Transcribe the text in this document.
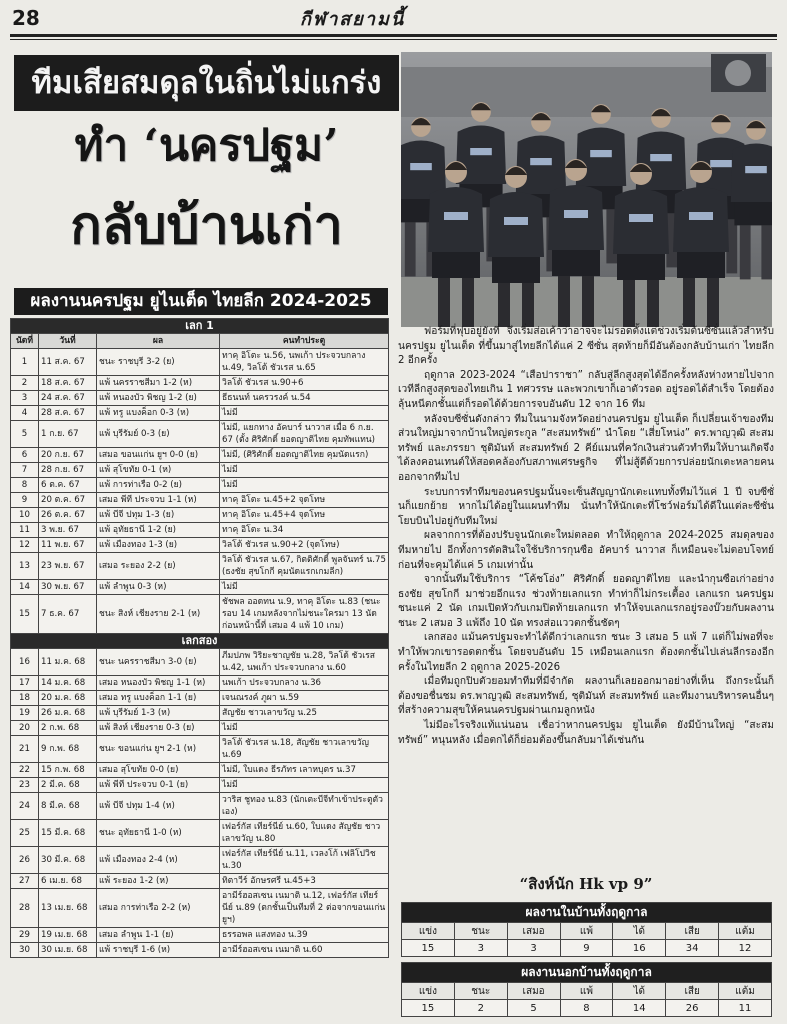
28	กีฬาสยามนี้
ทีมเสียสมดุลในถิ่นไม่แกร่ง
ทำ ‘นครปฐม’
กลับบ้านเก่า
ผลงานนครปฐม ยูไนเต็ด ไทยลีก 2024-2025
เลก 1			
นัดที่	วันที่	ผล	คนทำประตู
1	11 ส.ค. 67	ชนะ ราชบุรี 3-2 (ย)	ทาคุ อิโตะ น.56, นพเก้า ประจวบกลาง น.49, วิลโด้ ชัวเรส น.65
2	18 ส.ค. 67	แพ้ นครราชสีมา 1-2 (ห)	วิลโด้ ชัวเรส น.90+6
3	24 ส.ค. 67	แพ้ หนองบัว พิชญ 1-2 (ย)	ธีธนนท์ นครวรงค์ น.54
4	28 ส.ค. 67	แพ้ ทรู แบงค็อก 0-3 (ห)	ไม่มี
5	1 ก.ย. 67	แพ้ บุรีรัมย์ 0-3 (ย)	ไม่มี, แยกทาง อัคบาร์ นาวาส เมื่อ 6 ก.ย. 67 (ตั้ง ศิริศักดิ์ ยอดญาติไทย คุมทัพแทน)
6	20 ก.ย. 67	เสมอ ขอนแก่น ยูฯ 0-0 (ย)	ไม่มี, (ศิริศักดิ์ ยอดญาติไทย คุมนัดแรก)
7	28 ก.ย. 67	แพ้ สุโขทัย 0-1 (ห)	ไม่มี
8	6 ต.ค. 67	แพ้ การท่าเรือ 0-2 (ย)	ไม่มี
9	20 ต.ค. 67	เสมอ พีที ประจวบ 1-1 (ห)	ทาคุ อิโตะ น.45+2 จุดโทษ
10	26 ต.ค. 67	แพ้ บีจี ปทุม 1-3 (ย)	ทาคุ อิโตะ น.45+4 จุดโทษ
11	3 พ.ย. 67	แพ้ อุทัยธานี 1-2 (ย)	ทาคุ อิโตะ น.34
12	11 พ.ย. 67	แพ้ เมืองทอง 1-3 (ย)	วิลโด้ ชัวเรส น.90+2 (จุดโทษ)
13	23 พ.ย. 67	เสมอ ระยอง 2-2 (ย)	วิลโด้ ชัวเรส น.67, กิตติศักดิ์ พูลจันทร์ น.75 (ธงชัย สุขโกกี คุมนัดแรกเกมลีก)
14	30 พ.ย. 67	แพ้ ลำพูน 0-3 (ห)	ไม่มี
15	7 ธ.ค. 67	ชนะ สิงห์ เชียงราย 2-1 (ห)	ชัชพล ออดทน น.9, ทาคุ อิโตะ น.83 (ชนะรอบ 14 เกมหลังจากไม่ชนะใครมา 13 นัด ก่อนหน้านี้ที่ เสมอ 4 แพ้ 10 เกม)
เลกสอง			
16	11 ม.ค. 68	ชนะ นครราชสีมา 3-0 (ย)	ภีมปภพ วิริยะชาญชัย น.28, วิลโด้ ชัวเรส น.42, นพเก้า ประจวบกลาง น.60
17	14 ม.ค. 68	เสมอ หนองบัว พิชญ 1-1 (ห)	นพเก้า ประจวบกลาง น.36
18	20 ม.ค. 68	เสมอ ทรู แบงค็อก 1-1 (ย)	เจนณรงค์ ภูผา น.59
19	26 ม.ค. 68	แพ้ บุรีรัมย์ 1-3 (ห)	สัญชัย ชาวเลาขวัญ น.25
20	2 ก.พ. 68	แพ้ สิงห์ เชียงราย 0-3 (ย)	ไม่มี
21	9 ก.พ. 68	ชนะ ขอนแก่น ยูฯ 2-1 (ห)	วิลโด้ ชัวเรส น.18, สัญชัย ชาวเลาขวัญ น.69
22	15 ก.พ. 68	เสมอ สุโขทัย 0-0 (ย)	ไม่มี, ใบแดง ธีรภัทร เลาหบุตร น.37
23	2 มี.ค. 68	แพ้ พีที ประจวบ 0-1 (ย)	ไม่มี
24	8 มี.ค. 68	แพ้ บีจี ปทุม 1-4 (ห)	วาริส ชูทอง น.83 (นักเตะบีจีทำเข้าประตูตัวเอง)
25	15 มี.ค. 68	ชนะ อุทัยธานี 1-0 (ห)	เฟอร์กัส เทียร์นีย์ น.60, ใบแดง สัญชัย ชาวเลาขวัญ น.80
26	30 มี.ค. 68	แพ้ เมืองทอง 2-4 (ห)	เฟอร์กัส เทียร์นีย์ น.11, เวลงโก้ เฟลิโปวิช น.30
27	6 เม.ย. 68	แพ้ ระยอง 1-2 (ห)	ทิตาวีร์ อักษรศรี น.45+3
28	13 เม.ย. 68	เสมอ การท่าเรือ 2-2 (ห)	อามีร์ฮอสเซน เนมาติ น.12, เฟอร์กัส เทียร์นีย์ น.89 (ตกชั้นเป็นทีมที่ 2 ต่อจากขอนแก่น ยูฯ)
29	19 เม.ย. 68	เสมอ ลำพูน 1-1 (ย)	ธรรอพล แสงทอง น.39
30	30 เม.ย. 68	แพ้ ราชบุรี 1-6 (ห)	อามีร์ฮอสเซน เนมาติ น.60

ฟอร์มที่ฟุบอยู่ยังที่ จึงเริ่มส่อเค้าว่าอาจจะไม่รอดตั้งแต่ช่วงเริ่มต้นซีซั่นแล้วสำหรับ นครปฐม ยูไนเต็ด ที่ขึ้นมาสู่ไทยลีกได้แค่ 2 ซีซั่น สุดท้ายก็มีอันต้องกลับบ้านเก่า ไทยลีก 2 อีกครั้ง

ฤดูกาล 2023-2024 “เสือปาราชา” กลับสู่ลีกสูงสุดได้อีกครั้งหลังห่างหายไปจากเวทีลีกสูงสุดของไทยเกิน 1 ทศวรรษ และพวกเขาก็เอาตัวรอด อยู่รอดได้สำเร็จ โดยต้องลุ้นหนีตกชั้นแต่ก็รอดได้ด้วยการจบอันดับ 12 จาก 16 ทีม

หลังจบซีซั่นดังกล่าว ทีมในนามจังหวัดอย่างนครปฐม ยูไนเต็ด ก็เปลี่ยนเจ้าของทีมส่วนใหญ่มาจากบ้านใหญ่ตระกูล “สะสมทรัพย์” นำโดย “เสี่ยโหน่ง” ดร.พาญวุฒิ สะสมทรัพย์ และภรรยา ชุติมันท์ สะสมทรัพย์ 2 คีย์แมนที่ควักเงินส่วนตัวทำทีมให้บานเกิดจึงได้ลงคอนเทนต์ให้สอดคล้องกับสภาพเศรษฐกิจ ที่ไม่สู้ดีด้วยการปล่อยนักเตะหลายคนออกจากทีมไป

ระบบการทำทีมของนครปฐมนั้นจะเซ็นสัญญานักเตะแทบทั้งทีมไว้แค่ 1 ปี จบซีซั่นก็แยกย้าย หากไม่ได้อยู่ในแผนทำทีม นั่นทำให้นักเตะที่โชว์ฟอร์มได้ดีในแต่ละซีซั่นโยบบินไปอยู่กับทีมใหม่

ผลจากการที่ต้องปรับจูนนักเตะใหม่ตลอด ทำให้ฤดูกาล 2024-2025 สมดุลของทีมหายไป อีกทั้งการตัดสินใจใช้บริการกุนซือ อัคบาร์ นาวาส ก็เหมือนจะไม่ตอบโจทย์ ก่อนที่จะคุมได้แค่ 5 เกมเท่านั้น

จากนั้นทีมใช้บริการ “โค้ชโอ่ง” ศิริศักดิ์ ยอดญาติไทย และนำกุนซือเก่าอย่างธงชัย สุขโกกี มาช่วยอีกแรง ช่วงท้ายเลกแรก ทำท่าก็ไม่กระเตื้อง เลกแรก นครปฐมชนะแค่ 2 นัด เกมเปิดหัวกับเกมปิดท้ายเลกแรก ทำให้จบเลกแรกอยู่รองบ๊วยกับผลงานชนะ 2 เสมอ 3 แพ้ถึง 10 นัด ทรงส่อแววตกชั้นชัดๆ

เลกสอง แม้นครปฐมจะทำได้ดีกว่าเลกแรก ชนะ 3 เสมอ 5 แพ้ 7 แต่ก็ไม่พอที่จะทำให้พวกเขารอดตกชั้น โดยจบอันดับ 15 เหมือนเลกแรก ต้องตกชั้นไปเล่นลีกรองอีกครั้งในไทยลีก 2 ฤดูกาล 2025-2026

เมื่อทีมถูกปิบตัวยอมทำทีมที่มีจำกัด ผลงานก็เลยออกมาอย่างที่เห็น ถึงกระนั้นก็ต้องขอชื่นชม ดร.พาญวุฒิ สะสมทรัพย์, ชุติมันท์ สะสมทรัพย์ และทีมงานบริหารคนอื่นๆ ที่สร้างความสุขให้คนนครปฐมผ่านเกมลูกหนัง

ไม่มีอะไรจริงแท้แน่นอน เชื่อว่าหากนครปฐม ยูไนเต็ด ยังมีบ้านใหญ่ “สะสมทรัพย์” หนุนหลัง เมื่อตกได้ก็ย่อมต้องขึ้นกลับมาได้เช่นกัน

“สิงห์นัก Hk vp 9”
ผลงานในบ้านทั้งฤดูกาล						
แข่ง	ชนะ	เสมอ	แพ้	ได้	เสีย	แต้ม
15	3	3	9	16	34	12
ผลงานนอกบ้านทั้งฤดูกาล						
แข่ง	ชนะ	เสมอ	แพ้	ได้	เสีย	แต้ม
15	2	5	8	14	26	11
